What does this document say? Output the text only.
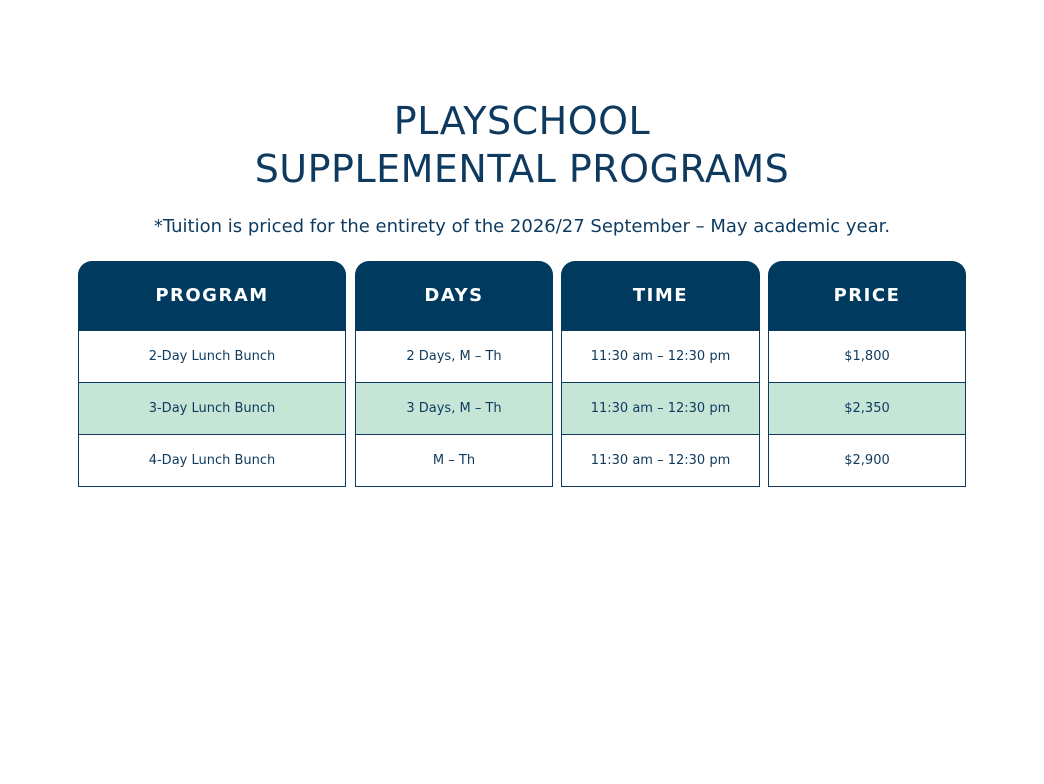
PLAYSCHOOL
SUPPLEMENTAL PROGRAMS

*Tuition is priced for the entirety of the 2026/27 September – May academic year.

PROGRAM
2-Day Lunch Bunch
3-Day Lunch Bunch
4-Day Lunch Bunch
DAYS
2 Days, M – Th
3 Days, M – Th
M – Th
TIME
11:30 am – 12:30 pm
11:30 am – 12:30 pm
11:30 am – 12:30 pm
PRICE
$1,800
$2,350
$2,900
